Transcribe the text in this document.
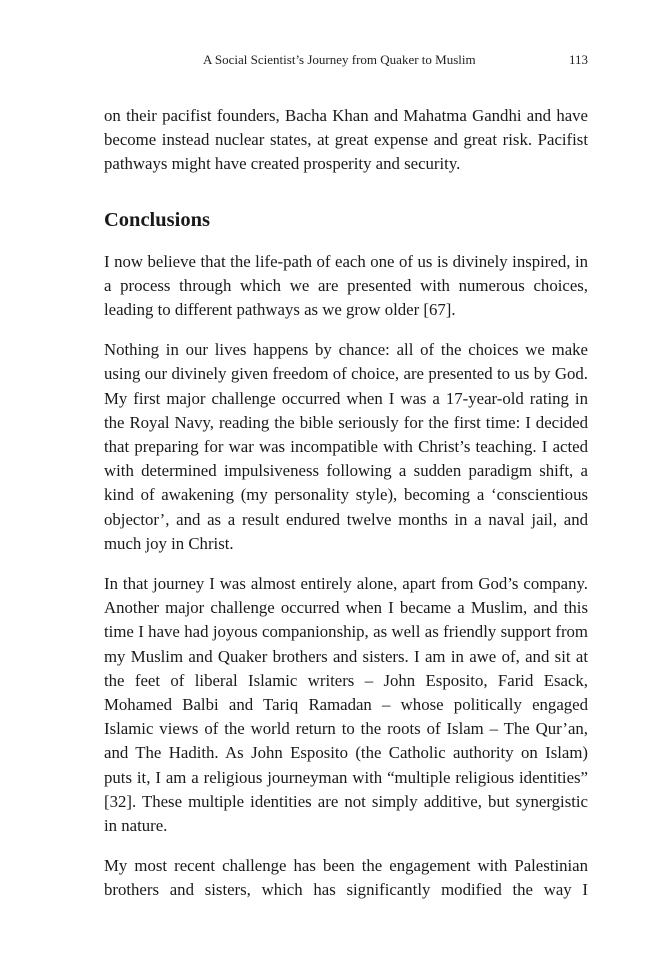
A Social Scientist’s Journey from Quaker to Muslim	113

on their pacifist founders, Bacha Khan and Mahatma Gandhi and have become instead nuclear states, at great expense and great risk. Pacifist pathways might have created prosperity and security.

Conclusions

I now believe that the life-path of each one of us is divinely inspired, in a process through which we are presented with numerous choices, leading to different pathways as we grow older [67].

Nothing in our lives happens by chance: all of the choices we make using our divinely given freedom of choice, are presented to us by God. My first major challenge occurred when I was a 17-year-old rating in the Royal Navy, reading the bible seriously for the first time: I decided that preparing for war was incompatible with Christ’s teaching. I acted with determined impulsiveness following a sudden paradigm shift, a kind of awakening (my personality style), becoming a ‘conscientious objector’, and as a result endured twelve months in a naval jail, and much joy in Christ.

In that journey I was almost entirely alone, apart from God’s company. Another major challenge occurred when I became a Muslim, and this time I have had joyous companionship, as well as friendly support from my Muslim and Quaker brothers and sisters. I am in awe of, and sit at the feet of liberal Islamic writers – John Esposito, Farid Esack, Mohamed Balbi and Tariq Ramadan – whose politically engaged Islamic views of the world return to the roots of Islam – The Qur’an, and The Hadith. As John Esposito (the Catholic authority on Islam) puts it, I am a religious journeyman with “multiple religious identities” [32]. These multiple identities are not simply additive, but synergistic in nature.

My most recent challenge has been the engagement with Palestinian brothers and sisters, which has significantly modified the way I
